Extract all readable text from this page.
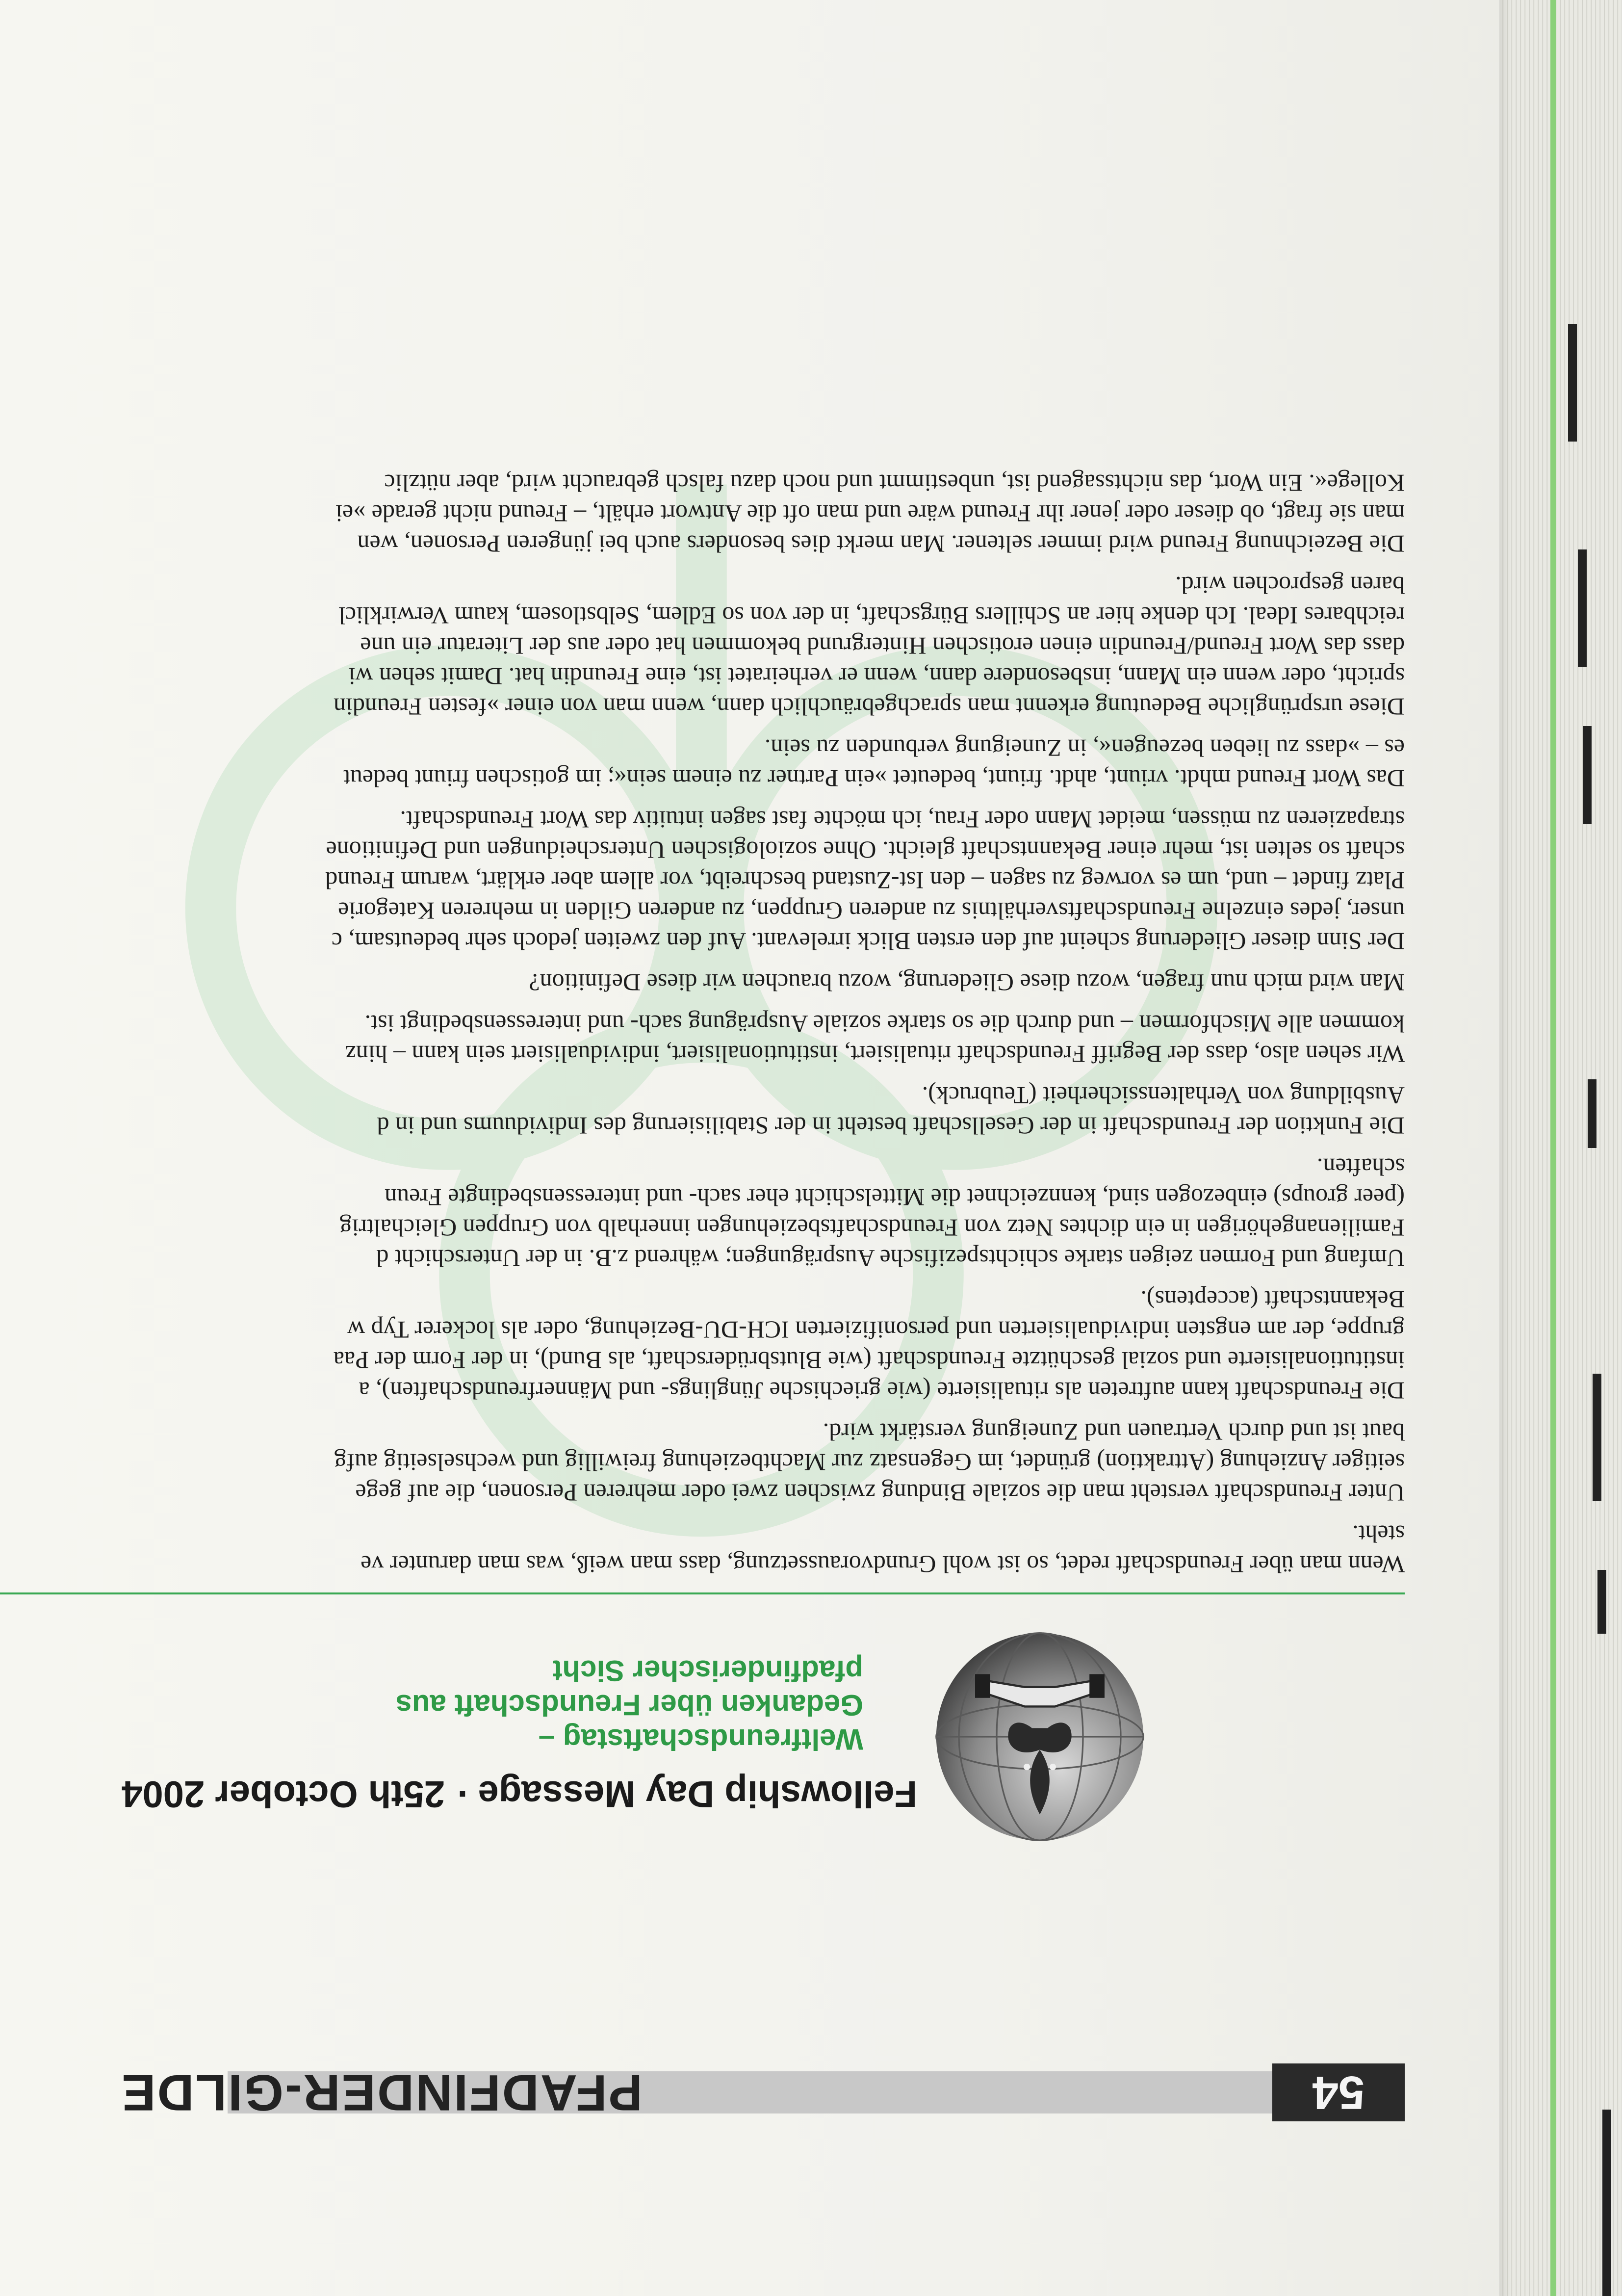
54
PFADFINDER-GILDE
Fellowship Day Message · 25th October 2004
Weltfreundschaftstag –
Gedanken über Freundschaft aus
pfadfinderischer Sicht

Wenn man über Freundschaft redet, so ist wohl Grundvoraussetzung, dass man weiß, was man darunter ve
steht.

Unter Freundschaft versteht man die soziale Bindung zwischen zwei oder mehreren Personen, die auf gege
seitiger Anziehung (Attraktion) gründet, im Gegensatz zur Machtbeziehung freiwillig und wechselseitig aufg
baut ist und durch Vertrauen und Zuneigung verstärkt wird.

Die Freundschaft kann auftreten als ritualisierte (wie griechische Jünglings- und Männerfreundschaften), a
institutionalisierte und sozial geschützte Freundschaft (wie Blutsbrüderschaft, als Bund), in der Form der Paa
gruppe, der am engsten individualisierten und personifizierten ICH-DU-Beziehung, oder als lockerer Typ w
Bekanntschaft (acceptens).

Umfang und Formen zeigen starke schichtspezifische Ausprägungen; während z.B. in der Unterschicht d
Familienangehörigen in ein dichtes Netz von Freundschaftsbeziehungen innerhalb von Gruppen Gleichaltrig
(peer groups) einbezogen sind, kennzeichnet die Mittelschicht eher sach- und interessensbedingte Freun
schaften.

Die Funktion der Freundschaft in der Gesellschaft besteht in der Stabilisierung des Individuums und in d
Ausbildung von Verhaltenssicherheit (Teubruck).

Wir sehen also, dass der Begriff Freundschaft ritualisiert, institutionalisiert, individualisiert sein kann – hinz
kommen alle Mischformen – und durch die so starke soziale Ausprägung sach- und interessensbedingt ist.

Man wird mich nun fragen, wozu diese Gliederung, wozu brauchen wir diese Definition?

Der Sinn dieser Gliederung scheint auf den ersten Blick irrelevant. Auf den zweiten jedoch sehr bedeutsam, c
unser, jedes einzelne Freundschaftsverhältnis zu anderen Gruppen, zu anderen Gilden in mehreren Kategorie
Platz findet – und, um es vorweg zu sagen – den Ist-Zustand beschreibt, vor allem aber erklärt, warum Freund
schaft so selten ist, mehr einer Bekanntschaft gleicht. Ohne soziologischen Unterscheidungen und Definitione
strapazieren zu müssen, meidet Mann oder Frau, ich möchte fast sagen intuitiv das Wort Freundschaft.

Das Wort Freund mhdt. vriunt, ahdt. friunt, bedeutet »ein Partner zu einem sein«; im gotischen friunt bedeut
es – »dass zu lieben bezeugen«, in Zuneigung verbunden zu sein.

Diese ursprüngliche Bedeutung erkennt man sprachgebräuchlich dann, wenn man von einer »festen Freundin
spricht, oder wenn ein Mann, insbesondere dann, wenn er verheiratet ist, eine Freundin hat. Damit sehen wi
dass das Wort Freund/Freundin einen erotischen Hintergrund bekommen hat oder aus der Literatur ein une
reichbares Ideal. Ich denke hier an Schillers Bürgschaft, in der von so Edlem, Selbstlosem, kaum Verwirklicl
baren gesprochen wird.

Die Bezeichnung Freund wird immer seltener. Man merkt dies besonders auch bei jüngeren Personen, wen
man sie fragt, ob dieser oder jener ihr Freund wäre und man oft die Antwort erhält, – Freund nicht gerade »ei
Kollege«. Ein Wort, das nichtssagend ist, unbestimmt und noch dazu falsch gebraucht wird, aber nützlic
